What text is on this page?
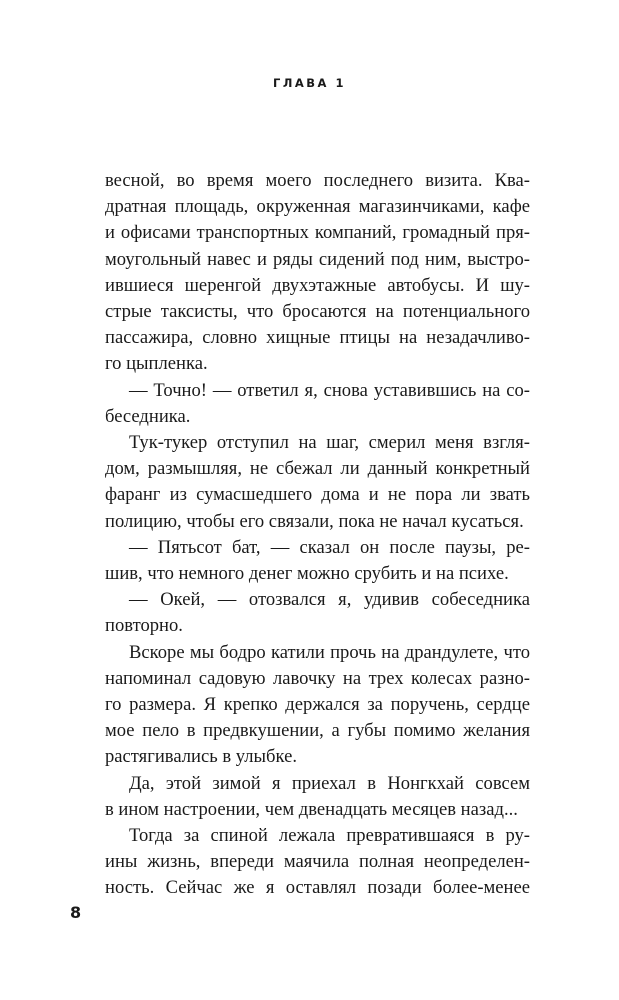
ГЛАВА 1
весной, во время моего последнего визита. Ква-
дратная площадь, окруженная магазинчиками, кафе
и офисами транспортных компаний, громадный пря-
моугольный навес и ряды сидений под ним, выстро-
ившиеся шеренгой двухэтажные автобусы. И шу-
стрые таксисты, что бросаются на потенциального
пассажира, словно хищные птицы на незадачливо-
го цыпленка.
— Точно! — ответил я, снова уставившись на со-
беседника.
Тук-тукер отступил на шаг, смерил меня взгля-
дом, размышляя, не сбежал ли данный конкретный
фаранг из сумасшедшего дома и не пора ли звать
полицию, чтобы его связали, пока не начал кусаться.
— Пятьсот бат, — сказал он после паузы, ре-
шив, что немного денег можно срубить и на психе.
— Окей, — отозвался я, удивив собеседника
повторно.
Вскоре мы бодро катили прочь на драндулете, что
напоминал садовую лавочку на трех колесах разно-
го размера. Я крепко держался за поручень, сердце
мое пело в предвкушении, а губы помимо желания
растягивались в улыбке.
Да, этой зимой я приехал в Нонгкхай совсем
в ином настроении, чем двенадцать месяцев назад...
Тогда за спиной лежала превратившаяся в ру-
ины жизнь, впереди маячила полная неопределен-
ность. Сейчас же я оставлял позади более-менее
8
